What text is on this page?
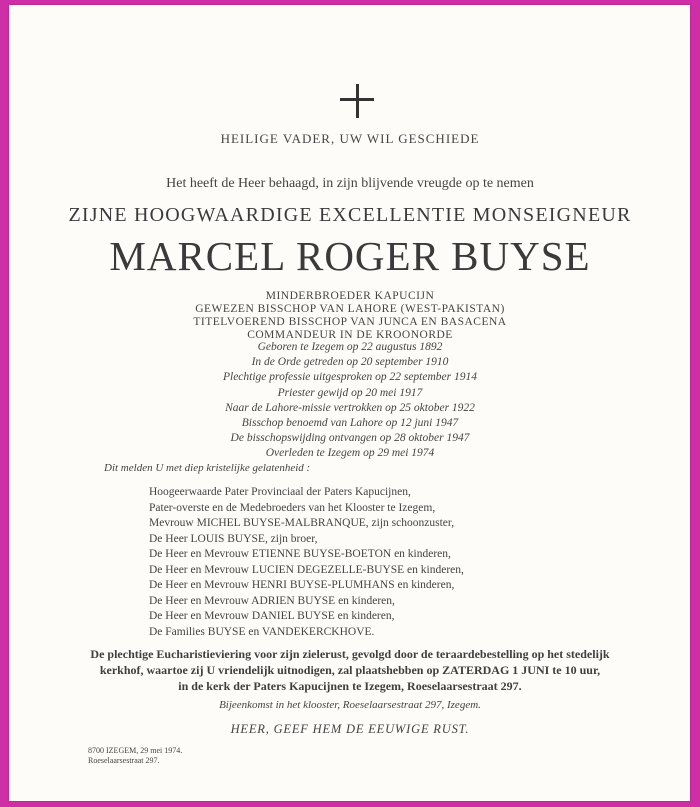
HEILIGE VADER, UW WIL GESCHIEDE
Het heeft de Heer behaagd, in zijn blijvende vreugde op te nemen
ZIJNE HOOGWAARDIGE EXCELLENTIE MONSEIGNEUR
MARCEL ROGER BUYSE
MINDERBROEDER KAPUCIJN
GEWEZEN BISSCHOP VAN LAHORE (WEST-PAKISTAN)
TITELVOEREND BISSCHOP VAN JUNCA EN BASACENA
COMMANDEUR IN DE KROONORDE
Geboren te Izegem op 22 augustus 1892
In de Orde getreden op 20 september 1910
Plechtige professie uitgesproken op 22 september 1914
Priester gewijd op 20 mei 1917
Naar de Lahore-missie vertrokken op 25 oktober 1922
Bisschop benoemd van Lahore op 12 juni 1947
De bisschopswijding ontvangen op 28 oktober 1947
Overleden te Izegem op 29 mei 1974
Dit melden U met diep kristelijke gelatenheid :
Hoogeerwaarde Pater Provinciaal der Paters Kapucijnen,
Pater-overste en de Medebroeders van het Klooster te Izegem,
Mevrouw MICHEL BUYSE-MALBRANQUE, zijn schoonzuster,
De Heer LOUIS BUYSE, zijn broer,
De Heer en Mevrouw ETIENNE BUYSE-BOETON en kinderen,
De Heer en Mevrouw LUCIEN DEGEZELLE-BUYSE en kinderen,
De Heer en Mevrouw HENRI BUYSE-PLUMHANS en kinderen,
De Heer en Mevrouw ADRIEN BUYSE en kinderen,
De Heer en Mevrouw DANIEL BUYSE en kinderen,
De Families BUYSE en VANDEKERCKHOVE.
De plechtige Eucharistieviering voor zijn zielerust, gevolgd door de teraardebestelling op het stedelijk
kerkhof, waartoe zij U vriendelijk uitnodigen, zal plaatshebben op ZATERDAG 1 JUNI te 10 uur,
in de kerk der Paters Kapucijnen te Izegem, Roeselaarsestraat 297.
Bijeenkomst in het klooster, Roeselaarsestraat 297, Izegem.
HEER, GEEF HEM DE EEUWIGE RUST.
8700 IZEGEM, 29 mei 1974.
Roeselaarsestraat 297.
